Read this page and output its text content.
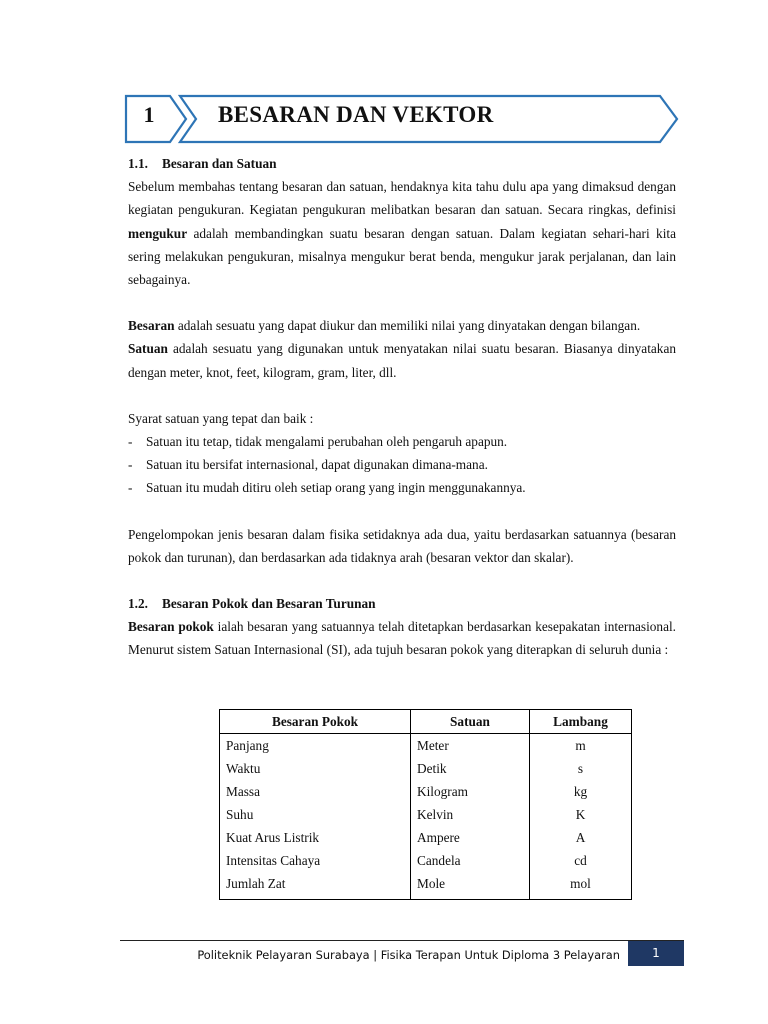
1	BESARAN DAN VEKTOR
1.1. Besaran dan Satuan

Sebelum membahas tentang besaran dan satuan, hendaknya kita tahu dulu apa yang dimaksud dengan kegiatan pengukuran. Kegiatan pengukuran melibatkan besaran dan satuan. Secara ringkas, definisi mengukur adalah membandingkan suatu besaran dengan satuan. Dalam kegiatan sehari-hari kita sering melakukan pengukuran, misalnya mengukur berat benda, mengukur jarak perjalanan, dan lain sebagainya.

Besaran adalah sesuatu yang dapat diukur dan memiliki nilai yang dinyatakan dengan bilangan.

Satuan adalah sesuatu yang digunakan untuk menyatakan nilai suatu besaran. Biasanya dinyatakan dengan meter, knot, feet, kilogram, gram, liter, dll.

Syarat satuan yang tepat dan baik :

- Satuan itu tetap, tidak mengalami perubahan oleh pengaruh apapun.
- Satuan itu bersifat internasional, dapat digunakan dimana-mana.
- Satuan itu mudah ditiru oleh setiap orang yang ingin menggunakannya.

Pengelompokan jenis besaran dalam fisika setidaknya ada dua, yaitu berdasarkan satuannya (besaran pokok dan turunan), dan berdasarkan ada tidaknya arah (besaran vektor dan skalar).

1.2. Besaran Pokok dan Besaran Turunan

Besaran pokok ialah besaran yang satuannya telah ditetapkan berdasarkan kesepakatan internasional. Menurut sistem Satuan Internasional (SI), ada tujuh besaran pokok yang diterapkan di seluruh dunia :

Besaran Pokok	Satuan	Lambang
Panjang	Meter	m
Waktu	Detik	s
Massa	Kilogram	kg
Suhu	Kelvin	K
Kuat Arus Listrik	Ampere	A
Intensitas Cahaya	Candela	cd
Jumlah Zat	Mole	mol
Politeknik Pelayaran Surabaya | Fisika Terapan Untuk Diploma 3 Pelayaran	1
